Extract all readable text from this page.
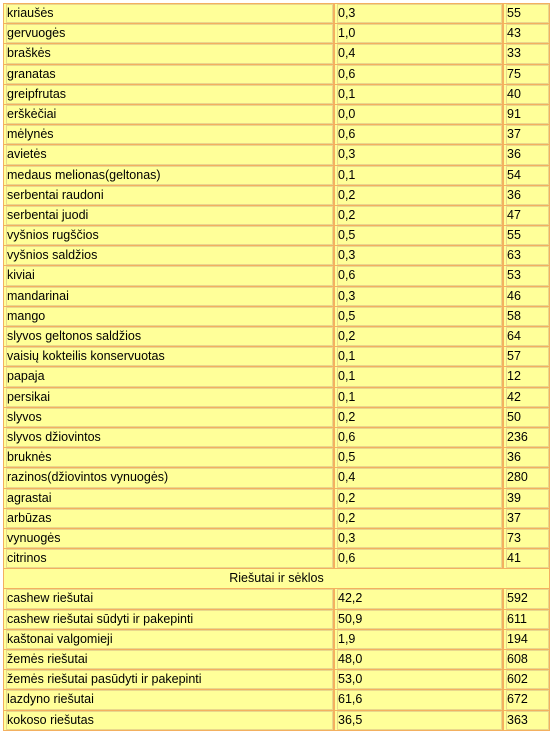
kriaušės	0,3	55
gervuogės	1,0	43
braškės	0,4	33
granatas	0,6	75
greipfrutas	0,1	40
erškėčiai	0,0	91
mėlynės	0,6	37
avietės	0,3	36
medaus melionas(geltonas)	0,1	54
serbentai raudoni	0,2	36
serbentai juodi	0,2	47
vyšnios rugščios	0,5	55
vyšnios saldžios	0,3	63
kiviai	0,6	53
mandarinai	0,3	46
mango	0,5	58
slyvos geltonos saldžios	0,2	64
vaisių kokteilis konservuotas	0,1	57
papaja	0,1	12
persikai	0,1	42
slyvos	0,2	50
slyvos džiovintos	0,6	236
bruknės	0,5	36
razinos(džiovintos vynuogės)	0,4	280
agrastai	0,2	39
arbūzas	0,2	37
vynuogės	0,3	73
citrinos	0,6	41
Riešutai ir sėklos
cashew riešutai	42,2	592
cashew riešutai sūdyti ir pakepinti	50,9	611
kaštonai valgomieji	1,9	194
žemės riešutai	48,0	608
žemės riešutai pasūdyti ir pakepinti	53,0	602
lazdyno riešutai	61,6	672
kokoso riešutas	36,5	363
